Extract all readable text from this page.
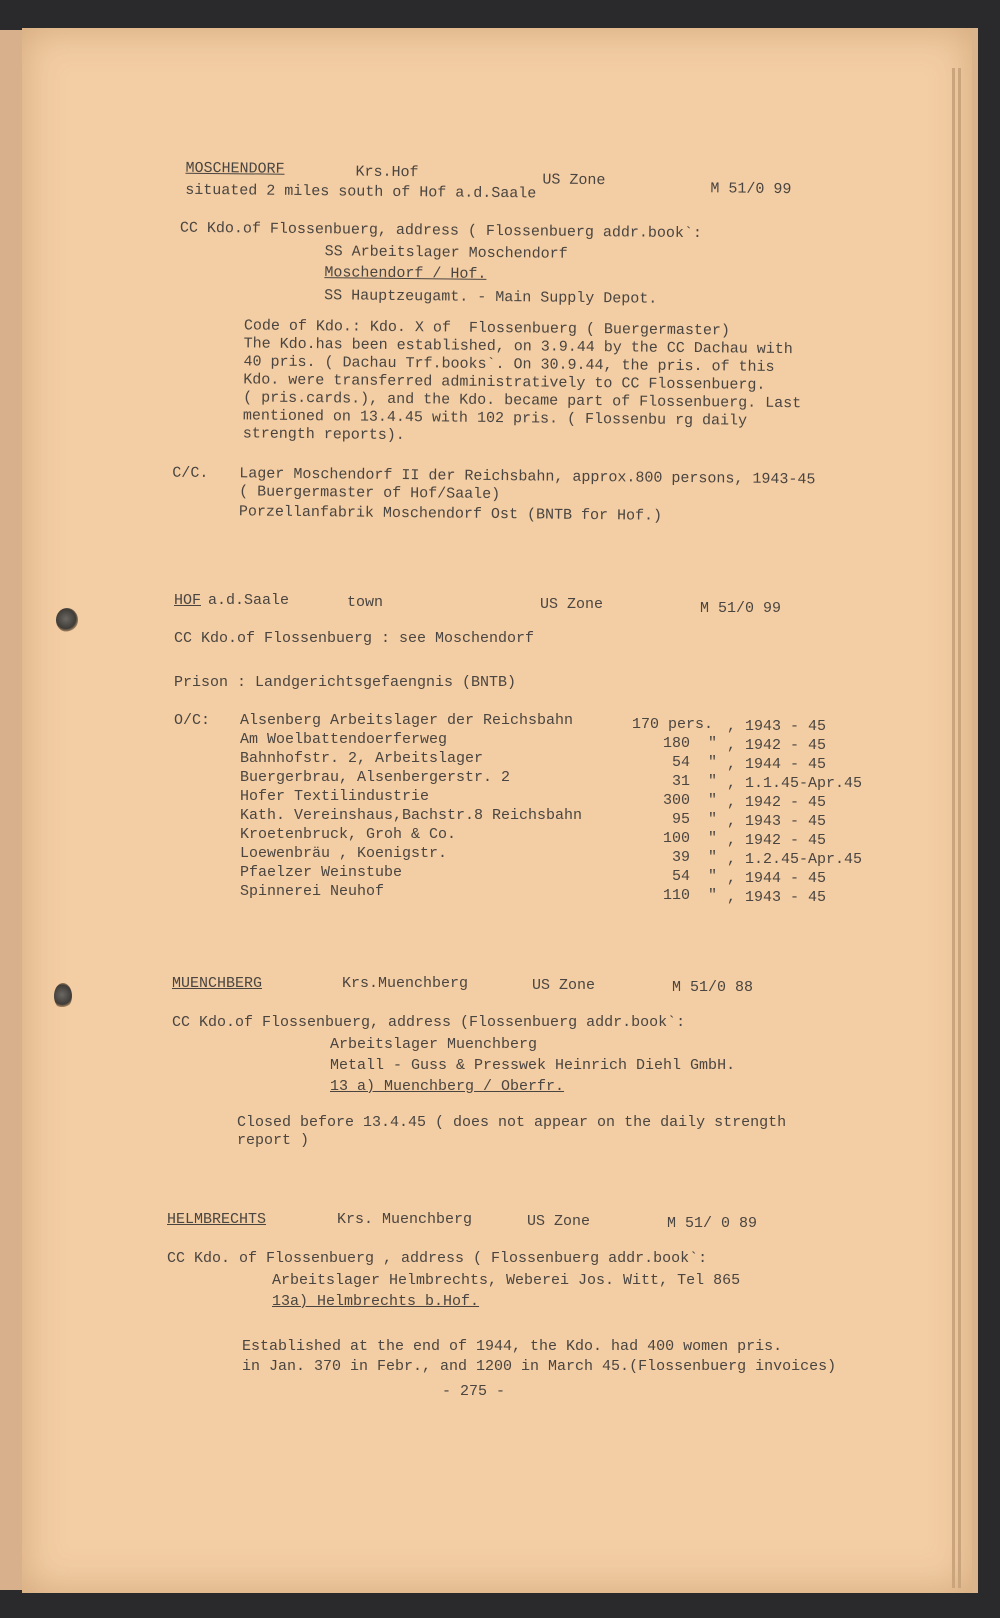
MOSCHENDORF	Krs.Hof	US Zone	M 51/0 99
situated 2 miles south of Hof a.d.Saale
CC Kdo.of Flossenbuerg, address ( Flossenbuerg addr.book`:
SS Arbeitslager Moschendorf
Moschendorf / Hof.
SS Hauptzeugamt. - Main Supply Depot.
Code of Kdo.: Kdo. X of  Flossenbuerg ( Buergermaster)
The Kdo.has been established, on 3.9.44 by the CC Dachau with
40 pris. ( Dachau Trf.books`. On 30.9.44, the pris. of this
Kdo. were transferred administratively to CC Flossenbuerg.
( pris.cards.), and the Kdo. became part of Flossenbuerg. Last
mentioned on 13.4.45 with 102 pris. ( Flossenbu rg daily
strength reports).
C/C. Lager Moschendorf II der Reichsbahn, approx.800 persons, 1943-45
( Buergermaster of Hof/Saale)
Porzellanfabrik Moschendorf Ost (BNTB for Hof.)
HOF a.d.Saale	town	US Zone	M 51/0 99
CC Kdo.of Flossenbuerg : see Moschendorf
Prison : Landgerichtsgefaengnis (BNTB)
O/C: Alsenberg Arbeitslager der Reichsbahn	170 pers. , 1943 - 45
Am Woelbattendoerferweg	180  " , 1942 - 45
Bahnhofstr. 2, Arbeitslager	54  " , 1944 - 45
Buergerbrau, Alsenbergerstr. 2	31  " , 1.1.45-Apr.45
Hofer Textilindustrie	300  " , 1942 - 45
Kath. Vereinshaus,Bachstr.8 Reichsbahn	95  " , 1943 - 45
Kroetenbruck, Groh & Co.	100  " , 1942 - 45
Loewenbräu , Koenigstr.	39  " , 1.2.45-Apr.45
Pfaelzer Weinstube	54  " , 1944 - 45
Spinnerei Neuhof	110  " , 1943 - 45
MUENCHBERG	Krs.Muenchberg	US Zone	M 51/0 88
CC Kdo.of Flossenbuerg, address (Flossenbuerg addr.book`:
Arbeitslager Muenchberg
Metall - Guss & Presswek Heinrich Diehl GmbH.
13 a) Muenchberg / Oberfr.
Closed before 13.4.45 ( does not appear on the daily strength
report )
HELMBRECHTS	Krs. Muenchberg	US Zone	M 51/ 0 89
CC Kdo. of Flossenbuerg , address ( Flossenbuerg addr.book`:
Arbeitslager Helmbrechts, Weberei Jos. Witt, Tel 865
13a) Helmbrechts b.Hof.
Established at the end of 1944, the Kdo. had 400 women pris.
in Jan. 370 in Febr., and 1200 in March 45.(Flossenbuerg invoices)
- 275 -
